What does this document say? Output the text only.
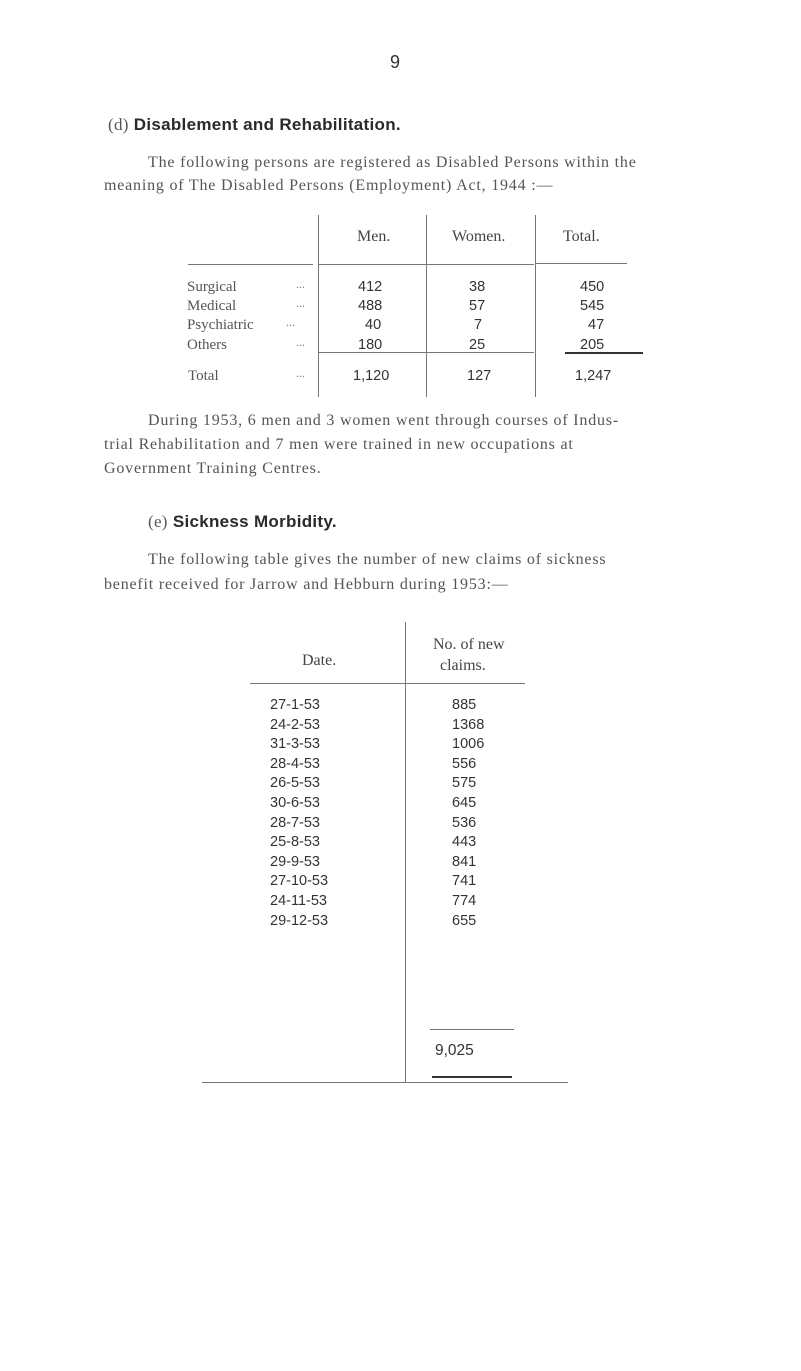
9
(d) Disablement and Rehabilitation.
The following persons are registered as Disabled Persons within the
meaning of The Disabled Persons (Employment) Act, 1944 :—
Men.	Women.	Total.
Surgical	...	412	38	450
Medical	...	488	57	545
Psychiatric	...	40	7	47
Others	...	180	25	205
Total	...	1,120	127	1,247
During 1953, 6 men and 3 women went through courses of Indus-
trial Rehabilitation and 7 men were trained in new occupations at
Government Training Centres.
(e) Sickness Morbidity.
The following table gives the number of new claims of sickness
benefit received for Jarrow and Hebburn during 1953:—
Date.
No. of new
claims.
27-1-53	885
24-2-53	1368
31-3-53	1006
28-4-53	556
26-5-53	575
30-6-53	645
28-7-53	536
25-8-53	443
29-9-53	841
27-10-53	741
24-11-53	774
29-12-53	655
9,025
